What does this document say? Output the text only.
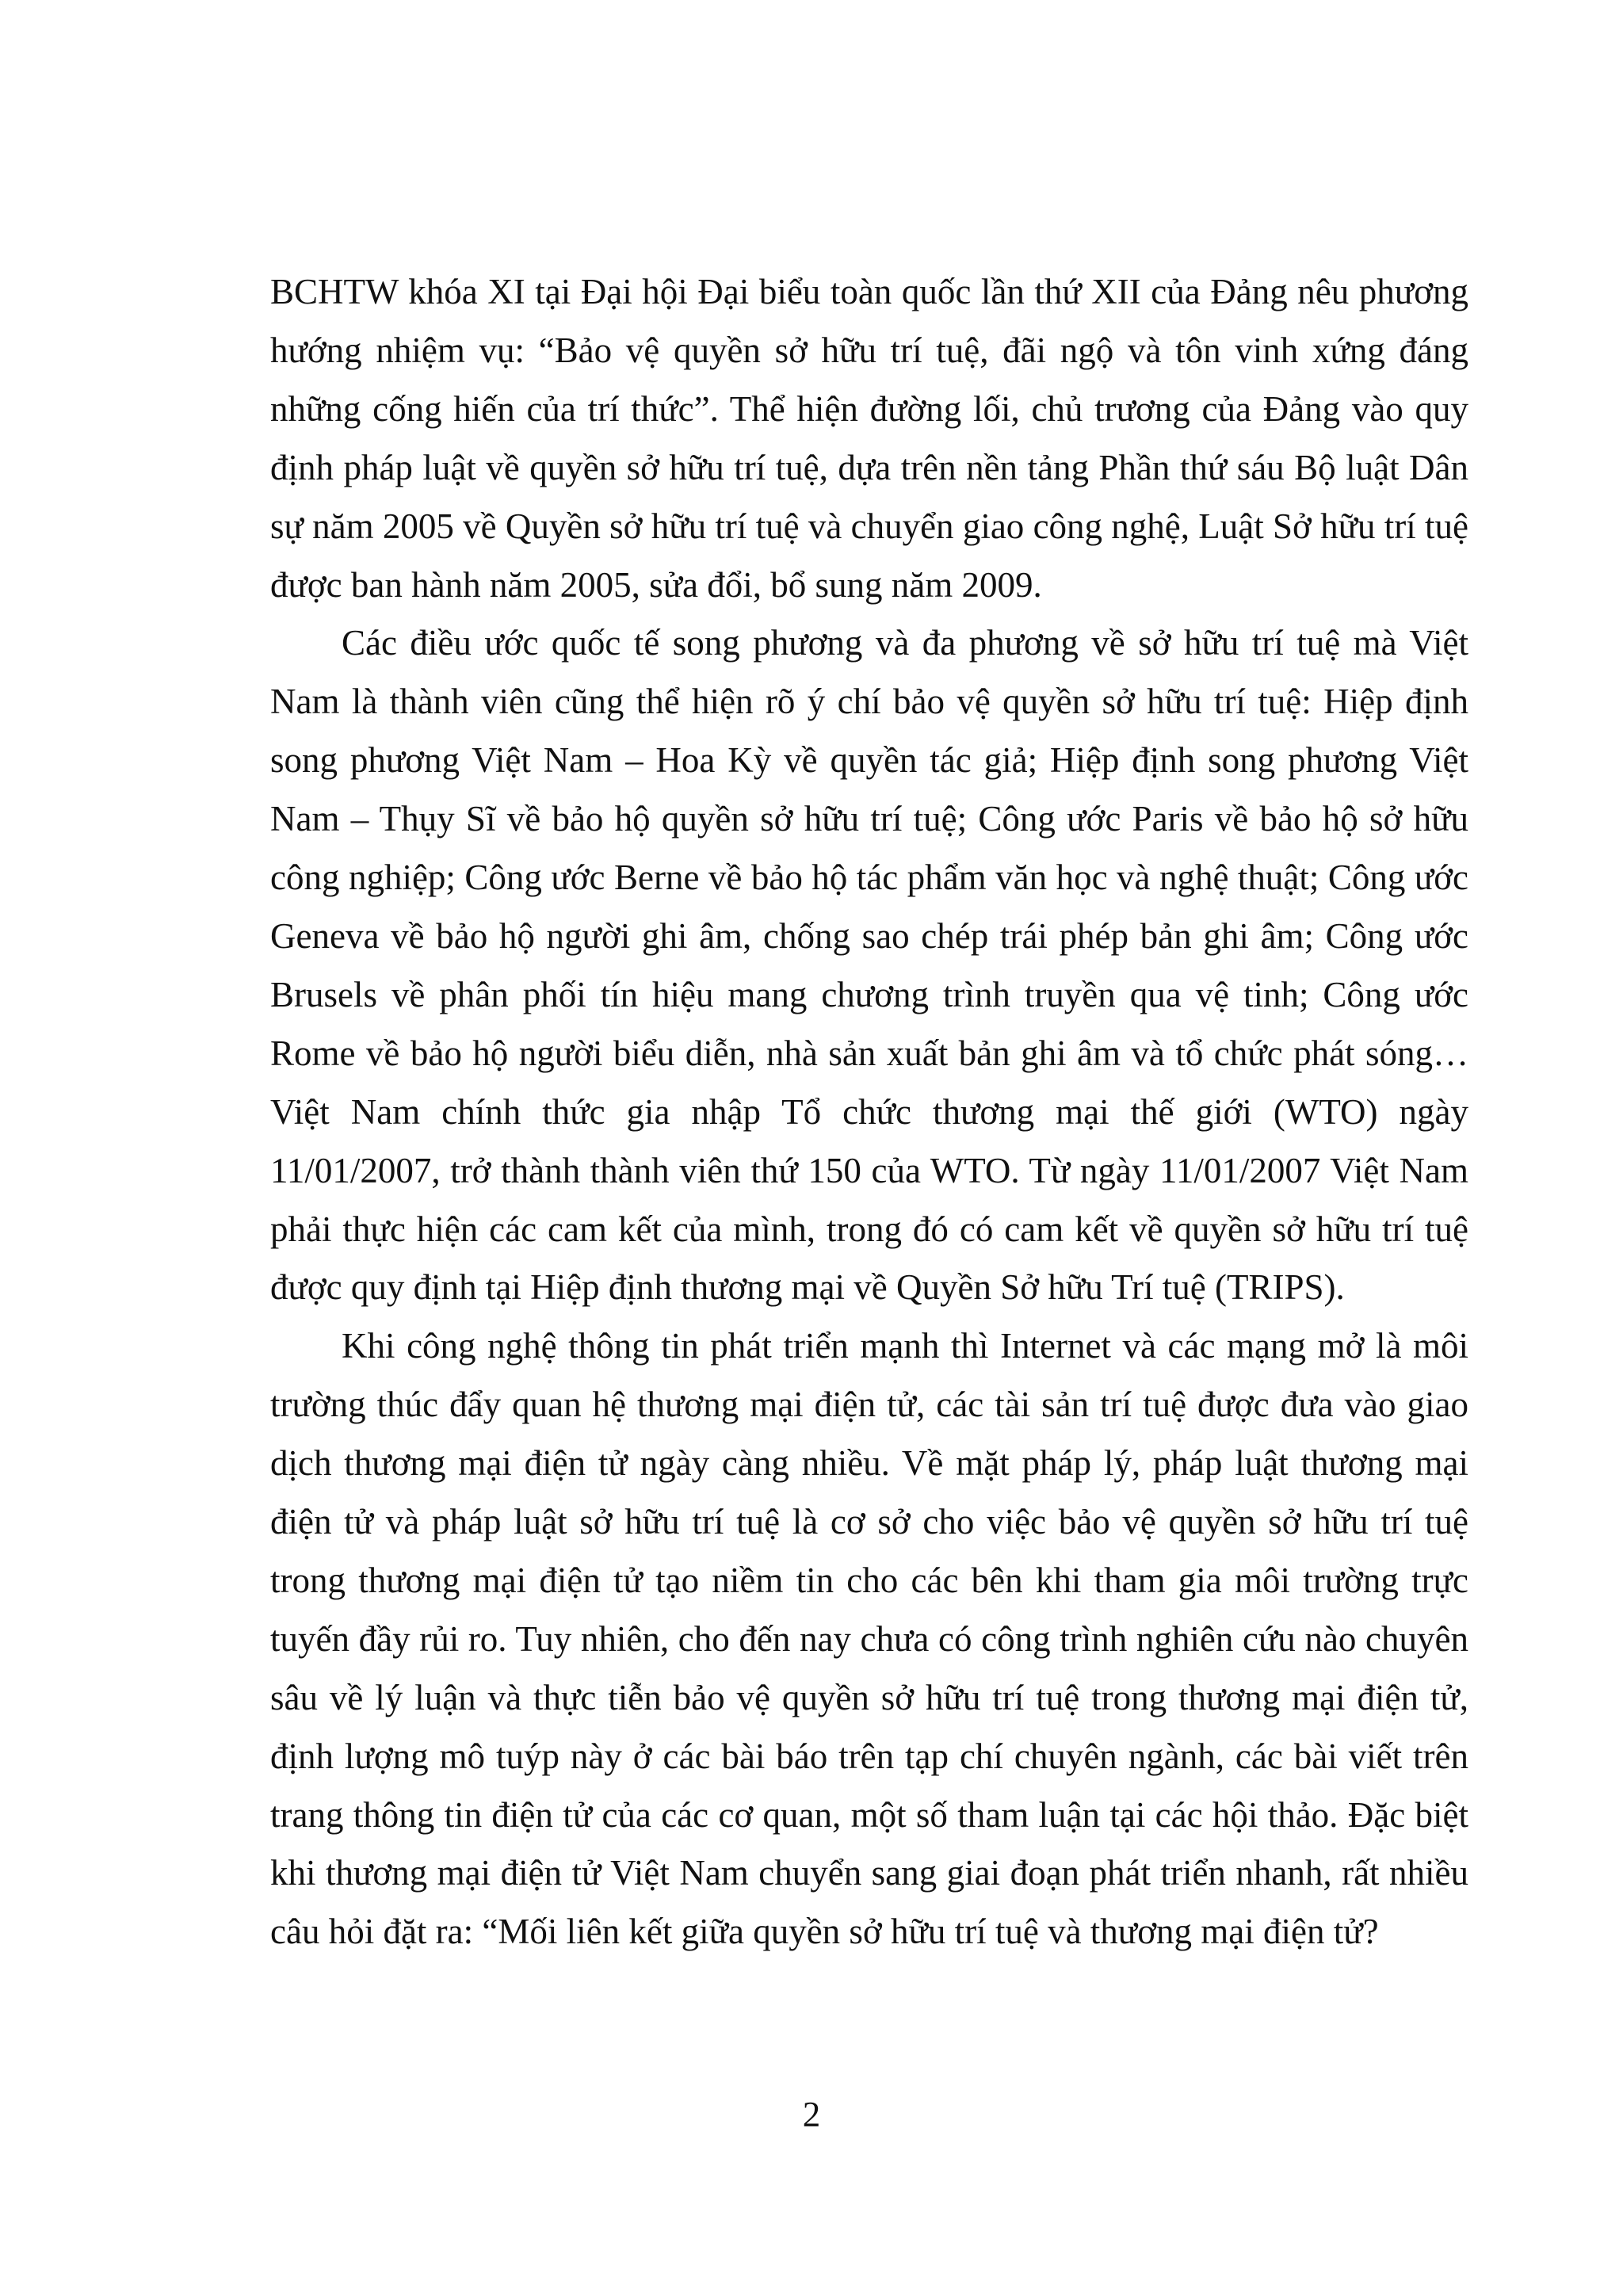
BCHTW khóa XI tại Đại hội Đại biểu toàn quốc lần thứ XII của Đảng nêu phương hướng nhiệm vụ: “Bảo vệ quyền sở hữu trí tuệ, đãi ngộ và tôn vinh xứng đáng những cống hiến của trí thức”. Thể hiện đường lối, chủ trương của Đảng vào quy định pháp luật về quyền sở hữu trí tuệ, dựa trên nền tảng Phần thứ sáu Bộ luật Dân sự năm 2005 về Quyền sở hữu trí tuệ và chuyển giao công nghệ, Luật Sở hữu trí tuệ được ban hành năm 2005, sửa đổi, bổ sung năm 2009.

Các điều ước quốc tế song phương và đa phương về sở hữu trí tuệ mà Việt Nam là thành viên cũng thể hiện rõ ý chí bảo vệ quyền sở hữu trí tuệ: Hiệp định song phương Việt Nam – Hoa Kỳ về quyền tác giả; Hiệp định song phương Việt Nam – Thụy Sĩ về bảo hộ quyền sở hữu trí tuệ; Công ước Paris về bảo hộ sở hữu công nghiệp; Công ước Berne về bảo hộ tác phẩm văn học và nghệ thuật; Công ước Geneva về bảo hộ người ghi âm, chống sao chép trái phép bản ghi âm; Công ước Brusels về phân phối tín hiệu mang chương trình truyền qua vệ tinh; Công ước Rome về bảo hộ người biểu diễn, nhà sản xuất bản ghi âm và tổ chức phát sóng… Việt Nam chính thức gia nhập Tổ chức thương mại thế giới (WTO) ngày 11/01/2007, trở thành thành viên thứ 150 của WTO. Từ ngày 11/01/2007 Việt Nam phải thực hiện các cam kết của mình, trong đó có cam kết về quyền sở hữu trí tuệ được quy định tại Hiệp định thương mại về Quyền Sở hữu Trí tuệ (TRIPS).

Khi công nghệ thông tin phát triển mạnh thì Internet và các mạng mở là môi trường thúc đẩy quan hệ thương mại điện tử, các tài sản trí tuệ được đưa vào giao dịch thương mại điện tử ngày càng nhiều. Về mặt pháp lý, pháp luật thương mại điện tử và pháp luật sở hữu trí tuệ là cơ sở cho việc bảo vệ quyền sở hữu trí tuệ trong thương mại điện tử tạo niềm tin cho các bên khi tham gia môi trường trực tuyến đầy rủi ro. Tuy nhiên, cho đến nay chưa có công trình nghiên cứu nào chuyên sâu về lý luận và thực tiễn bảo vệ quyền sở hữu trí tuệ trong thương mại điện tử, định lượng mô tuýp này ở các bài báo trên tạp chí chuyên ngành, các bài viết trên trang thông tin điện tử của các cơ quan, một số tham luận tại các hội thảo. Đặc biệt khi thương mại điện tử Việt Nam chuyển sang giai đoạn phát triển nhanh, rất nhiều câu hỏi đặt ra: “Mối liên kết giữa quyền sở hữu trí tuệ và thương mại điện tử?

2
